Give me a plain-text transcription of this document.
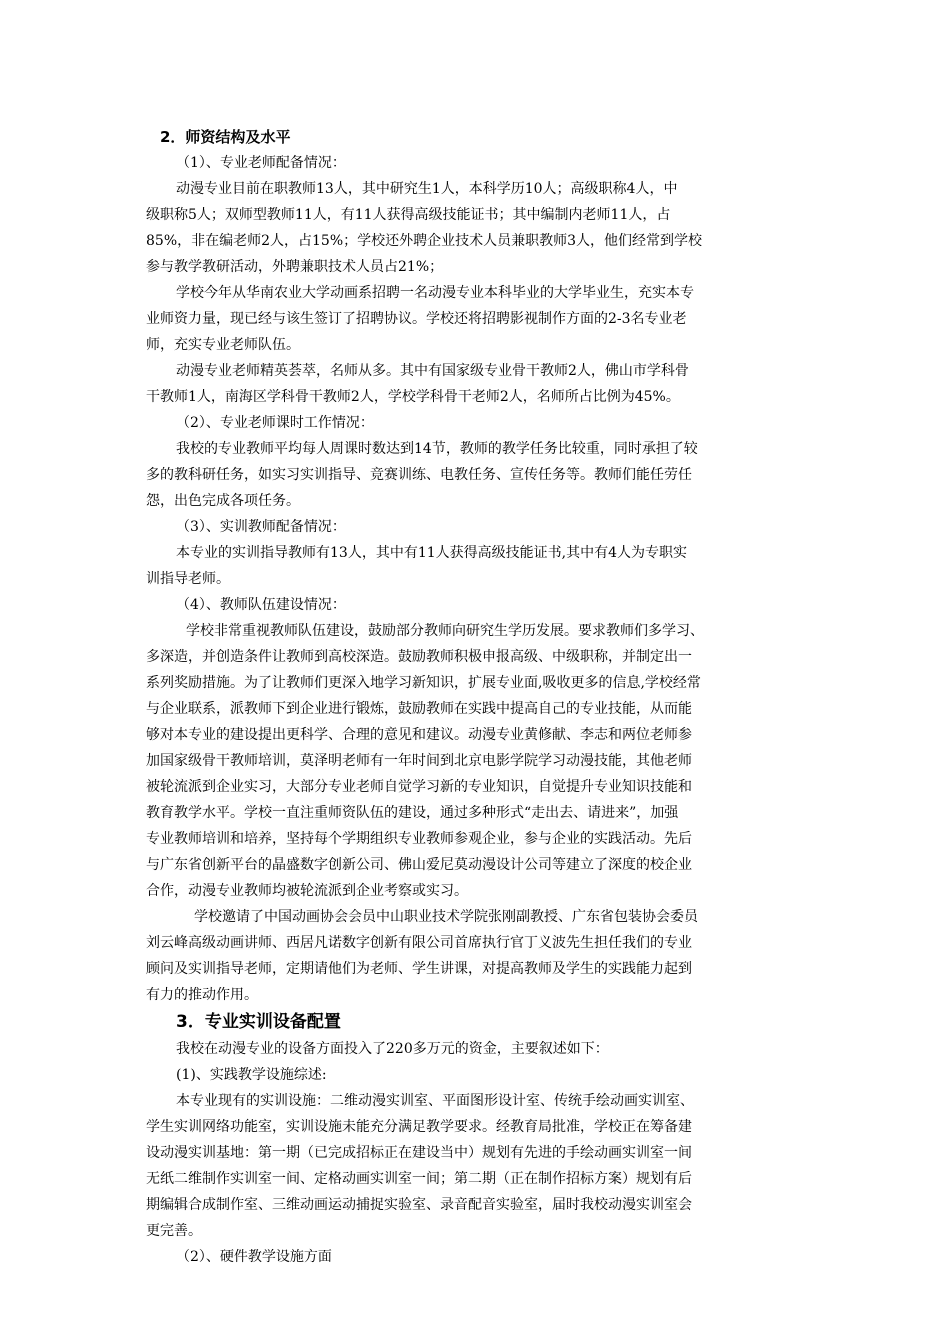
2．师资结构及水平
（1）、专业老师配备情况：
动漫专业目前在职教师13人，其中研究生1人，本科学历10人；高级职称4人，中
级职称5人；双师型教师11人，有11人获得高级技能证书；其中编制内老师11人，占
85%，非在编老师2人，占15%；学校还外聘企业技术人员兼职教师3人，他们经常到学校
参与教学教研活动，外聘兼职技术人员占21%；
学校今年从华南农业大学动画系招聘一名动漫专业本科毕业的大学毕业生，充实本专
业师资力量，现已经与该生签订了招聘协议。学校还将招聘影视制作方面的2-3名专业老
师，充实专业老师队伍。
动漫专业老师精英荟萃，名师从多。其中有国家级专业骨干教师2人，佛山市学科骨
干教师1人，南海区学科骨干教师2人，学校学科骨干老师2人，名师所占比例为45%。
（2）、专业老师课时工作情况：
我校的专业教师平均每人周课时数达到14节，教师的教学任务比较重，同时承担了较
多的教科研任务，如实习实训指导、竞赛训练、电教任务、宣传任务等。教师们能任劳任
怨，出色完成各项任务。
（3）、实训教师配备情况：
本专业的实训指导教师有13人，其中有11人获得高级技能证书,其中有4人为专职实
训指导老师。
（4）、教师队伍建设情况：
学校非常重视教师队伍建设，鼓励部分教师向研究生学历发展。要求教师们多学习、
多深造，并创造条件让教师到高校深造。鼓励教师积极申报高级、中级职称，并制定出一
系列奖励措施。为了让教师们更深入地学习新知识，扩展专业面,吸收更多的信息,学校经常
与企业联系，派教师下到企业进行锻炼，鼓励教师在实践中提高自己的专业技能，从而能
够对本专业的建设提出更科学、合理的意见和建议。动漫专业黄修献、李志和两位老师参
加国家级骨干教师培训，莫泽明老师有一年时间到北京电影学院学习动漫技能，其他老师
被轮流派到企业实习，大部分专业老师自觉学习新的专业知识，自觉提升专业知识技能和
教育教学水平。学校一直注重师资队伍的建设，通过多种形式“走出去、请进来”，加强
专业教师培训和培养，坚持每个学期组织专业教师参观企业，参与企业的实践活动。先后
与广东省创新平台的晶盛数字创新公司、佛山爱尼莫动漫设计公司等建立了深度的校企业
合作，动漫专业教师均被轮流派到企业考察或实习。
学校邀请了中国动画协会会员中山职业技术学院张刚副教授、广东省包装协会委员
刘云峰高级动画讲师、西居凡诺数字创新有限公司首席执行官丁义波先生担任我们的专业
顾问及实训指导老师，定期请他们为老师、学生讲课，对提高教师及学生的实践能力起到
有力的推动作用。
3．专业实训设备配置
我校在动漫专业的设备方面投入了220多万元的资金，主要叙述如下：
(1)、实践教学设施综述:
本专业现有的实训设施：二维动漫实训室、平面图形设计室、传统手绘动画实训室、
学生实训网络功能室，实训设施未能充分满足教学要求。经教育局批准，学校正在筹备建
设动漫实训基地：第一期（已完成招标正在建设当中）规划有先进的手绘动画实训室一间
无纸二维制作实训室一间、定格动画实训室一间；第二期（正在制作招标方案）规划有后
期编辑合成制作室、三维动画运动捕捉实验室、录音配音实验室，届时我校动漫实训室会
更完善。
（2）、硬件教学设施方面
